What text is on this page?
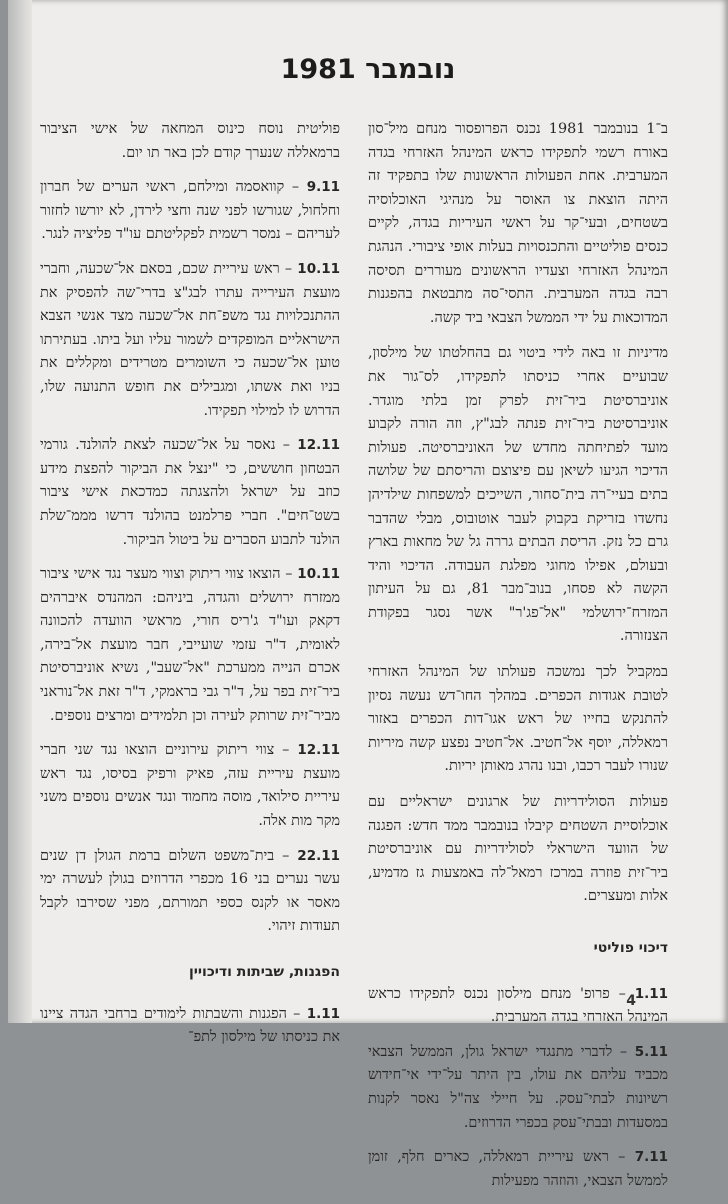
נובמבר 1981

ב־1 בנובמבר 1981 נכנס הפרופסור מנחם מיל־סון באורח רשמי לתפקידו כראש המינהל האזרחי בגדה המערבית. אחת הפעולות הראשונות שלו בתפקיד זה היתה הוצאת צו האוסר על מנהיגי האוכלוסיה בשטחים, ובעי־קר על ראשי העיריות בגדה, לקיים כנסים פוליטיים והתכנסויות בעלות אופי ציבורי. הנהגת המינהל האזרחי וצעדיו הראשונים מעוררים תסיסה רבה בגדה המערבית. התסי־סה מתבטאת בהפגנות המדוכאות על ידי הממשל הצבאי ביד קשה.

מדיניות זו באה לידי ביטוי גם בהחלטתו של מילסון, שבועיים אחרי כניסתו לתפקידו, לס־גור את אוניברסיטת ביר־זית לפרק זמן בלתי מוגדר. אוניברסיטת ביר־זית פנתה לבג"ץ, וזה הורה לקבוע מועד לפתיחתה מחדש של האוניברסיטה. פעולות הדיכוי הגיעו לשיאן עם פיצוצם והריסתם של שלושה בתים בעיי־רה בית־סחור, השייכים למשפחות שילדיהן נחשדו בזריקת בקבוק לעבר אוטובוס, מבלי שהדבר גרם כל נזק. הריסת הבתים גררה גל של מחאות בארץ ובעולם, אפילו מחוגי מפלגת העבודה. הדיכוי והיד הקשה לא פסחו, בנוב־מבר 81, גם על העיתון המזרח־ירושלמי "אל־פג'ר" אשר נסגר בפקודת הצנזורה.

במקביל לכך נמשכה פעולתו של המינהל האזרחי לטובת אגודות הכפרים. במהלך החו־דש נעשה נסיון להתנקש בחייו של ראש אגו־דות הכפרים באזור רמאללה, יוסף אל־חטיב. אל־חטיב נפצע קשה מיריות שנורו לעבר רכבו, ובנו נהרג מאותן יריות.

פעולות הסולידריות של ארגונים ישראליים עם אוכלוסיית השטחים קיבלו בנובמבר ממד חדש: הפגנה של הוועד הישראלי לסולידריות עם אוניברסיטת ביר־זית פוזרה במרכז רמאל־לה באמצעות גז מדמיע, אלות ומעצרים.

דיכוי פוליטי
1.11 – פרופ' מנחם מילסון נכנס לתפקידו כראש המינהל האזרחי בגדה המערבית.
5.11 – לדברי מתנגדי ישראל גולן, הממשל הצבאי מכביד עליהם את עולו, בין היתר על־ידי אי־חידוש רשיונות לבתי־עסק. על חיילי צה"ל נאסר לקנות במסעדות ובבתי־עסק בכפרי הדרוזים.
7.11 – ראש עיריית רמאללה, כארים חלף, זומן לממשל הצבאי, והוזהר מפעילות

פוליטית נוסח כינוס המחאה של אישי הציבור ברמאללה שנערך קודם לכן באר תו יום.

9.11 – קוואסמה ומילחם, ראשי הערים של חברון וחלחול, שגורשו לפני שנה וחצי לירדן, לא יורשו לחזור לעריהם – נמסר רשמית לפקליטתם עו"ד פליציה לנגר.
10.11 – ראש עיריית שכם, בסאם אל־שכעה, וחברי מועצת העירייה עתרו לבג"צ בדרי־שה להפסיק את ההתנכלויות נגד משפ־חת אל־שכעה מצד אנשי הצבא הישראליים המופקדים לשמור עליו ועל ביתו. בעתירתו טוען אל־שכעה כי השומרים מטרידים ומקללים את בניו ואת אשתו, ומגבילים את חופש התנועה שלו, הדרוש לו למילוי תפקידו.
12.11 – נאסר על אל־שכעה לצאת להולנד. גורמי הבטחון חוששים, כי "ינצל את הביקור להפצת מידע כוזב על ישראל ולהצגתה כמדכאת אישי ציבור בשט־חים". חברי פרלמנט בהולנד דרשו מממ־שלת הולנד לתבוע הסברים על ביטול הביקור.
10.11 – הוצאו צווי ריתוק וצווי מעצר נגד אישי ציבור ממזרח ירושלים והגדה, ביניהם: המהנדס איברהים דקאק ועו"ד ג'ריס חורי, מראשי הוועדה להכוונה לאומית, ד"ר עזמי שועייבי, חבר מועצת אל־בירה, אכרם הנייה ממערכת "אל־שעב", נשיא אוניברסיטת ביר־זית בפר על, ד"ר גבי בראמקי, ד"ר זאת אל־נוראני מביר־זית שרותק לעירה וכן תלמידים ומרצים נוספים.
12.11 – צווי ריתוק עירוניים הוצאו נגד שני חברי מועצת עיריית עזה, פאיק ורפיק בסיסו, נגד ראש עיריית סילואד, מוסה מחמוד ונגד אנשים נוספים משני מקר מות אלה.
22.11 – בית־משפט השלום ברמת הגולן דן שנים עשר נערים בני 16 מכפרי הדרוזים בגולן לעשרה ימי מאסר או לקנס כספי תמורתם, מפני שסירבו לקבל תעודות זיהוי.
הפגנות, שביתות ודיכויין
1.11 – הפגנות והשבתות לימודים ברחבי הגדה ציינו את כניסתו של מילסון לתפ־
4
